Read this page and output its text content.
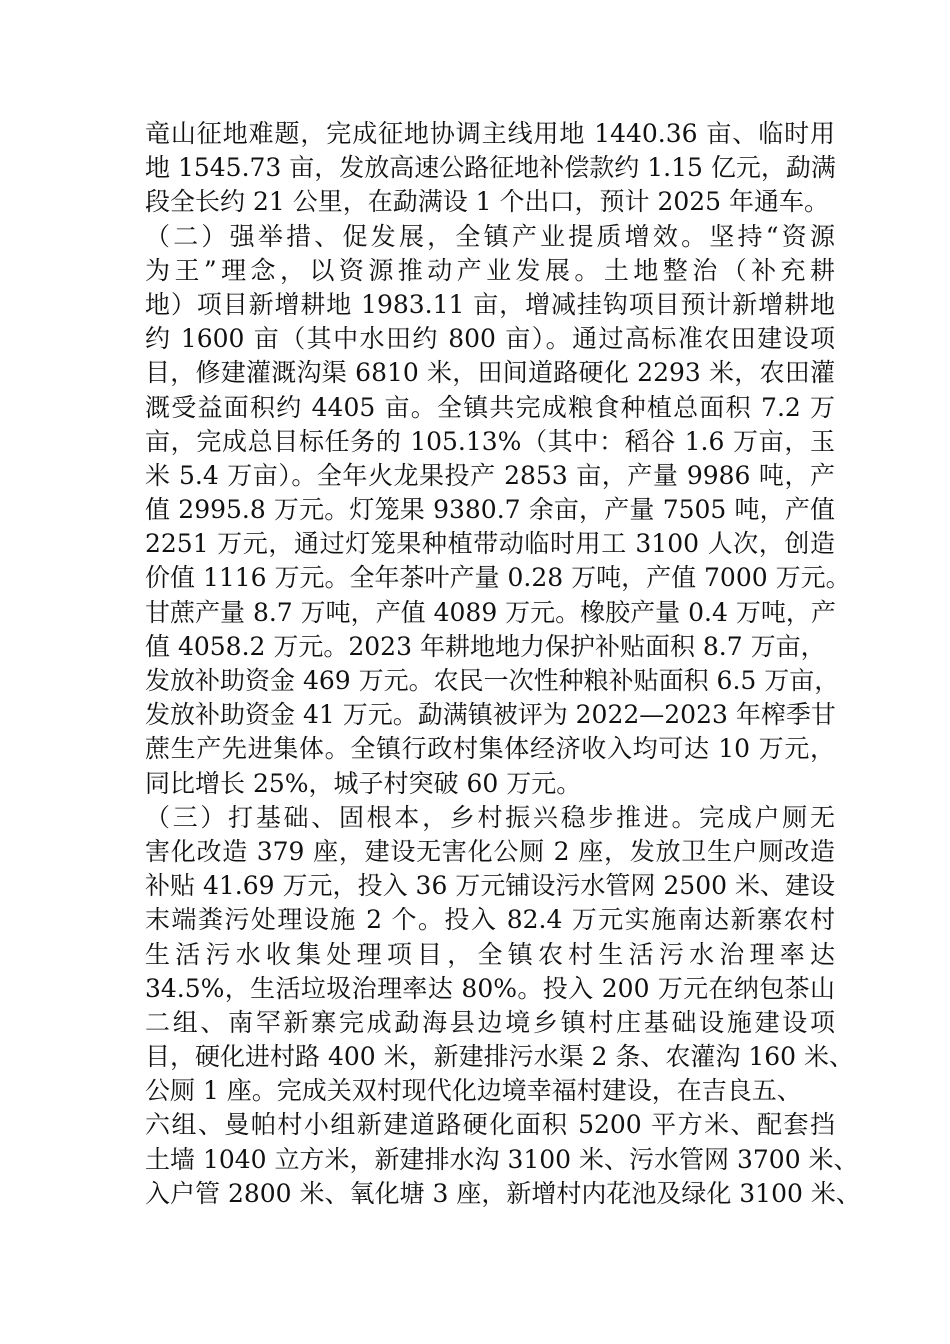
竜山征地难题，完成征地协调主线用地 1440.36 亩、临时用
地 1545.73 亩，发放高速公路征地补偿款约 1.15 亿元，勐满
段全长约 21 公里，在勐满设 1 个出口，预计 2025 年通车。
（二）强举措、促发展，全镇产业提质增效。坚持“资源
为王”理念，以资源推动产业发展。土地整治（补充耕
地）项目新增耕地 1983.11 亩，增减挂钩项目预计新增耕地
约 1600 亩（其中水田约 800 亩）。通过高标准农田建设项
目，修建灌溉沟渠 6810 米，田间道路硬化 2293 米，农田灌
溉受益面积约 4405 亩。全镇共完成粮食种植总面积 7.2 万
亩，完成总目标任务的 105.13%（其中：稻谷 1.6 万亩，玉
米 5.4 万亩）。全年火龙果投产 2853 亩，产量 9986 吨，产
值 2995.8 万元。灯笼果 9380.7 余亩，产量 7505 吨，产值
2251 万元，通过灯笼果种植带动临时用工 3100 人次，创造
价值 1116 万元。全年茶叶产量 0.28 万吨，产值 7000 万元。
甘蔗产量 8.7 万吨，产值 4089 万元。橡胶产量 0.4 万吨，产
值 4058.2 万元。2023 年耕地地力保护补贴面积 8.7 万亩，
发放补助资金 469 万元。农民一次性种粮补贴面积 6.5 万亩，
发放补助资金 41 万元。勐满镇被评为 2022—2023 年榨季甘
蔗生产先进集体。全镇行政村集体经济收入均可达 10 万元，
同比增长 25%，城子村突破 60 万元。
（三）打基础、固根本，乡村振兴稳步推进。完成户厕无
害化改造 379 座，建设无害化公厕 2 座，发放卫生户厕改造
补贴 41.69 万元，投入 36 万元铺设污水管网 2500 米、建设
末端粪污处理设施 2 个。投入 82.4 万元实施南达新寨农村
生活污水收集处理项目，全镇农村生活污水治理率达
34.5%，生活垃圾治理率达 80%。投入 200 万元在纳包茶山
二组、南罕新寨完成勐海县边境乡镇村庄基础设施建设项
目，硬化进村路 400 米，新建排污水渠 2 条、农灌沟 160 米、
公厕 1 座。完成关双村现代化边境幸福村建设，在吉良五、
六组、曼帕村小组新建道路硬化面积 5200 平方米、配套挡
土墙 1040 立方米，新建排水沟 3100 米、污水管网 3700 米、
入户管 2800 米、氧化塘 3 座，新增村内花池及绿化 3100 米、
